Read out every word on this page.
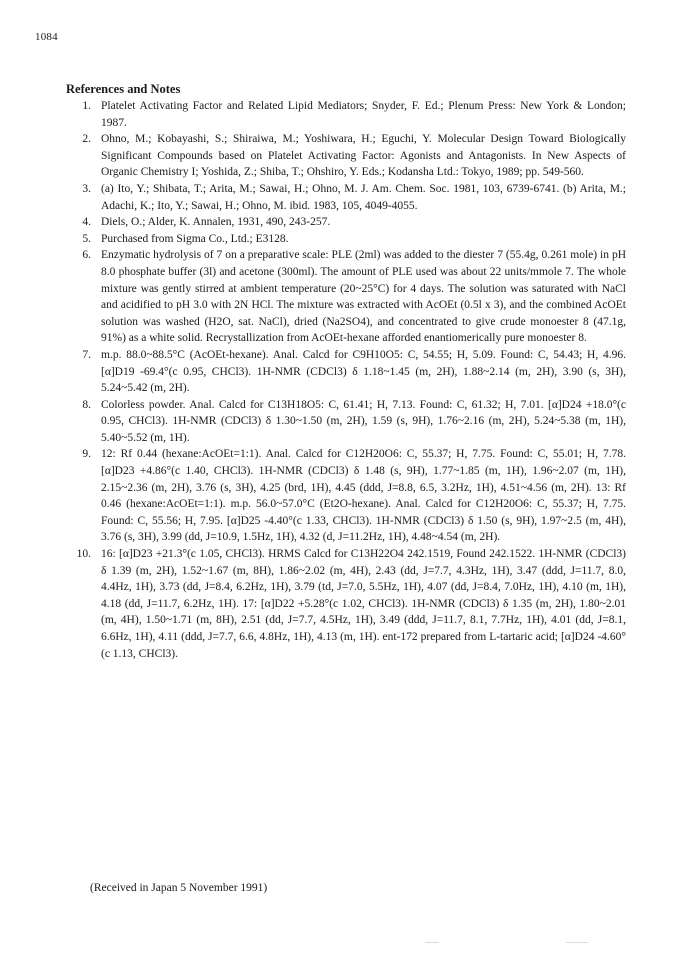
1084
References and Notes
1. Platelet Activating Factor and Related Lipid Mediators; Snyder, F. Ed.; Plenum Press: New York & London; 1987.
2. Ohno, M.; Kobayashi, S.; Shiraiwa, M.; Yoshiwara, H.; Eguchi, Y. Molecular Design Toward Biologically Significant Compounds based on Platelet Activating Factor: Agonists and Antagonists. In New Aspects of Organic Chemistry I; Yoshida, Z.; Shiba, T.; Ohshiro, Y. Eds.; Kodansha Ltd.: Tokyo, 1989; pp. 549-560.
3. (a) Ito, Y.; Shibata, T.; Arita, M.; Sawai, H.; Ohno, M. J. Am. Chem. Soc. 1981, 103, 6739-6741. (b) Arita, M.; Adachi, K.; Ito, Y.; Sawai, H.; Ohno, M. ibid. 1983, 105, 4049-4055.
4. Diels, O.; Alder, K. Annalen, 1931, 490, 243-257.
5. Purchased from Sigma Co., Ltd.; E3128.
6. Enzymatic hydrolysis of 7 on a preparative scale: PLE (2ml) was added to the diester 7 (55.4g, 0.261 mole) in pH 8.0 phosphate buffer (3l) and acetone (300ml). The amount of PLE used was about 22 units/mmole 7. The whole mixture was gently stirred at ambient temperature (20~25°C) for 4 days. The solution was saturated with NaCl and acidified to pH 3.0 with 2N HCl. The mixture was extracted with AcOEt (0.5l x 3), and the combined AcOEt solution was washed (H2O, sat. NaCl), dried (Na2SO4), and concentrated to give crude monoester 8 (47.1g, 91%) as a white solid. Recrystallization from AcOEt-hexane afforded enantiomerically pure monoester 8.
7. m.p. 88.0~88.5°C (AcOEt-hexane). Anal. Calcd for C9H10O5: C, 54.55; H, 5.09. Found: C, 54.43; H, 4.96. [α]D19 -69.4°(c 0.95, CHCl3). 1H-NMR (CDCl3) δ 1.18~1.45 (m, 2H), 1.88~2.14 (m, 2H), 3.90 (s, 3H), 5.24~5.42 (m, 2H).
8. Colorless powder. Anal. Calcd for C13H18O5: C, 61.41; H, 7.13. Found: C, 61.32; H, 7.01. [α]D24 +18.0°(c 0.95, CHCl3). 1H-NMR (CDCl3) δ 1.30~1.50 (m, 2H), 1.59 (s, 9H), 1.76~2.16 (m, 2H), 5.24~5.38 (m, 1H), 5.40~5.52 (m, 1H).
9. 12: Rf 0.44 (hexane:AcOEt=1:1). Anal. Calcd for C12H20O6: C, 55.37; H, 7.75. Found: C, 55.01; H, 7.78. [α]D23 +4.86°(c 1.40, CHCl3). 1H-NMR (CDCl3) δ 1.48 (s, 9H), 1.77~1.85 (m, 1H), 1.96~2.07 (m, 1H), 2.15~2.36 (m, 2H), 3.76 (s, 3H), 4.25 (brd, 1H), 4.45 (ddd, J=8.8, 6.5, 3.2Hz, 1H), 4.51~4.56 (m, 2H). 13: Rf 0.46 (hexane:AcOEt=1:1). m.p. 56.0~57.0°C (Et2O-hexane). Anal. Calcd for C12H20O6: C, 55.37; H, 7.75. Found: C, 55.56; H, 7.95. [α]D25 -4.40°(c 1.33, CHCl3). 1H-NMR (CDCl3) δ 1.50 (s, 9H), 1.97~2.5 (m, 4H), 3.76 (s, 3H), 3.99 (dd, J=10.9, 1.5Hz, 1H), 4.32 (d, J=11.2Hz, 1H), 4.48~4.54 (m, 2H).
10. 16: [α]D23 +21.3°(c 1.05, CHCl3). HRMS Calcd for C13H22O4 242.1519, Found 242.1522. 1H-NMR (CDCl3) δ 1.39 (m, 2H), 1.52~1.67 (m, 8H), 1.86~2.02 (m, 4H), 2.43 (dd, J=7.7, 4.3Hz, 1H), 3.47 (ddd, J=11.7, 8.0, 4.4Hz, 1H), 3.73 (dd, J=8.4, 6.2Hz, 1H), 3.79 (td, J=7.0, 5.5Hz, 1H), 4.07 (dd, J=8.4, 7.0Hz, 1H), 4.10 (m, 1H), 4.18 (dd, J=11.7, 6.2Hz, 1H). 17: [α]D22 +5.28°(c 1.02, CHCl3). 1H-NMR (CDCl3) δ 1.35 (m, 2H), 1.80~2.01 (m, 4H), 1.50~1.71 (m, 8H), 2.51 (dd, J=7.7, 4.5Hz, 1H), 3.49 (ddd, J=11.7, 8.1, 7.7Hz, 1H), 4.01 (dd, J=8.1, 6.6Hz, 1H), 4.11 (ddd, J=7.7, 6.6, 4.8Hz, 1H), 4.13 (m, 1H). ent-172 prepared from L-tartaric acid; [α]D24 -4.60°(c 1.13, CHCl3).
(Received in Japan 5 November 1991)
